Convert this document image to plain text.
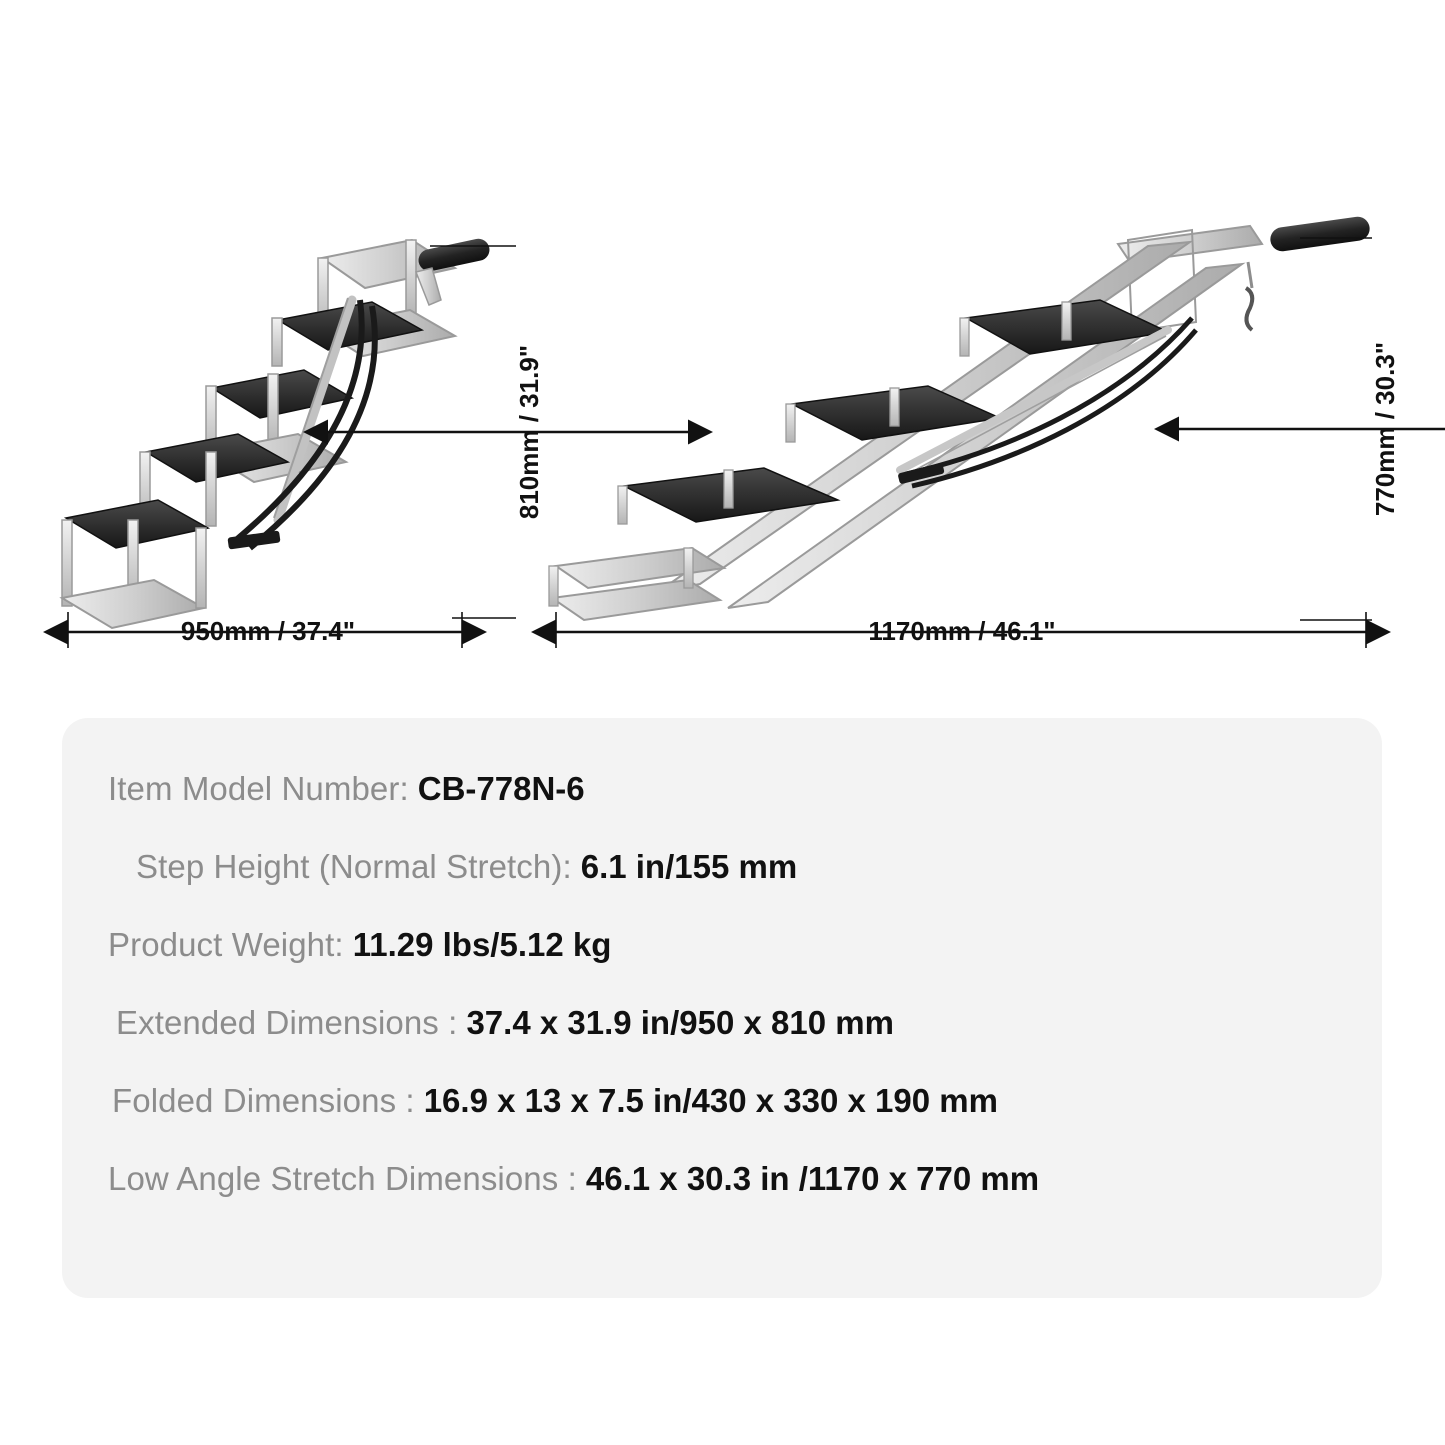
810mm / 31.9"
950mm / 37.4"
770mm / 30.3"
1170mm / 46.1"
Item Model Number: CB-778N-6
Step Height (Normal Stretch): 6.1 in/155 mm
Product Weight: 11.29 lbs/5.12 kg
Extended Dimensions : 37.4 x 31.9 in/950 x 810 mm
Folded Dimensions : 16.9 x 13 x 7.5 in/430 x 330 x 190 mm
Low Angle Stretch Dimensions : 46.1 x 30.3 in /1170 x 770 mm
